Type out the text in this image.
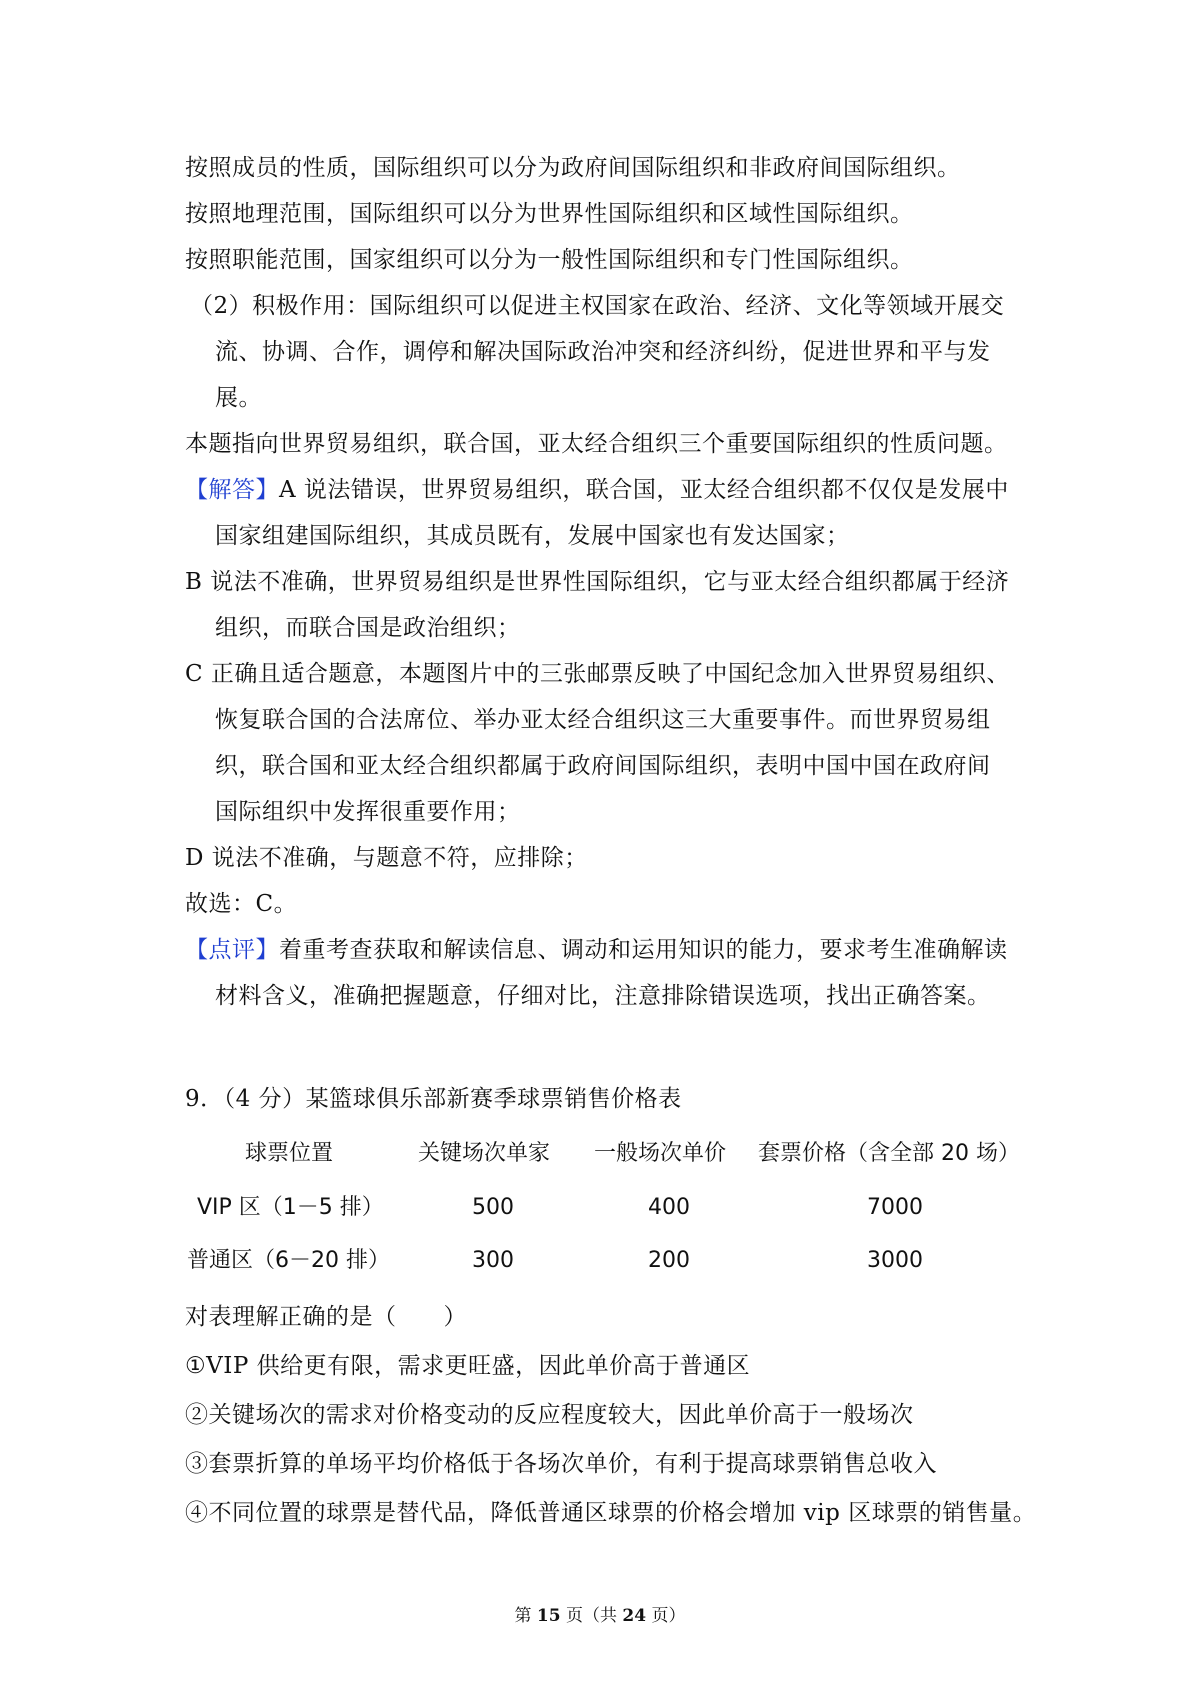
按照成员的性质，国际组织可以分为政府间国际组织和非政府间国际组织。
按照地理范围，国际组织可以分为世界性国际组织和区域性国际组织。
按照职能范围，国家组织可以分为一般性国际组织和专门性国际组织。
（2）积极作用：国际组织可以促进主权国家在政治、经济、文化等领域开展交
流、协调、合作，调停和解决国际政治冲突和经济纠纷，促进世界和平与发
展。
本题指向世界贸易组织，联合国，亚太经合组织三个重要国际组织的性质问题。
【解答】A 说法错误，世界贸易组织，联合国，亚太经合组织都不仅仅是发展中
国家组建国际组织，其成员既有，发展中国家也有发达国家；
B 说法不准确，世界贸易组织是世界性国际组织，它与亚太经合组织都属于经济
组织，而联合国是政治组织；
C 正确且适合题意，本题图片中的三张邮票反映了中国纪念加入世界贸易组织、
恢复联合国的合法席位、举办亚太经合组织这三大重要事件。而世界贸易组
织，联合国和亚太经合组织都属于政府间国际组织，表明中国中国在政府间
国际组织中发挥很重要作用；
D 说法不准确，与题意不符，应排除；
故选：C。
【点评】着重考查获取和解读信息、调动和运用知识的能力，要求考生准确解读
材料含义，准确把握题意，仔细对比，注意排除错误选项，找出正确答案。
9．（4 分）某篮球俱乐部新赛季球票销售价格表
球票位置	关键场次单家 一般场次单价 套票价格（含全部 20 场）
VIP 区（1－5 排）	500	400	7000
普通区（6－20 排）	300	200	3000
对表理解正确的是（　　）
①VIP 供给更有限，需求更旺盛，因此单价高于普通区
②关键场次的需求对价格变动的反应程度较大，因此单价高于一般场次
③套票折算的单场平均价格低于各场次单价，有利于提高球票销售总收入
④不同位置的球票是替代品，降低普通区球票的价格会增加 vip 区球票的销售量。
第 15 页（共 24 页）
